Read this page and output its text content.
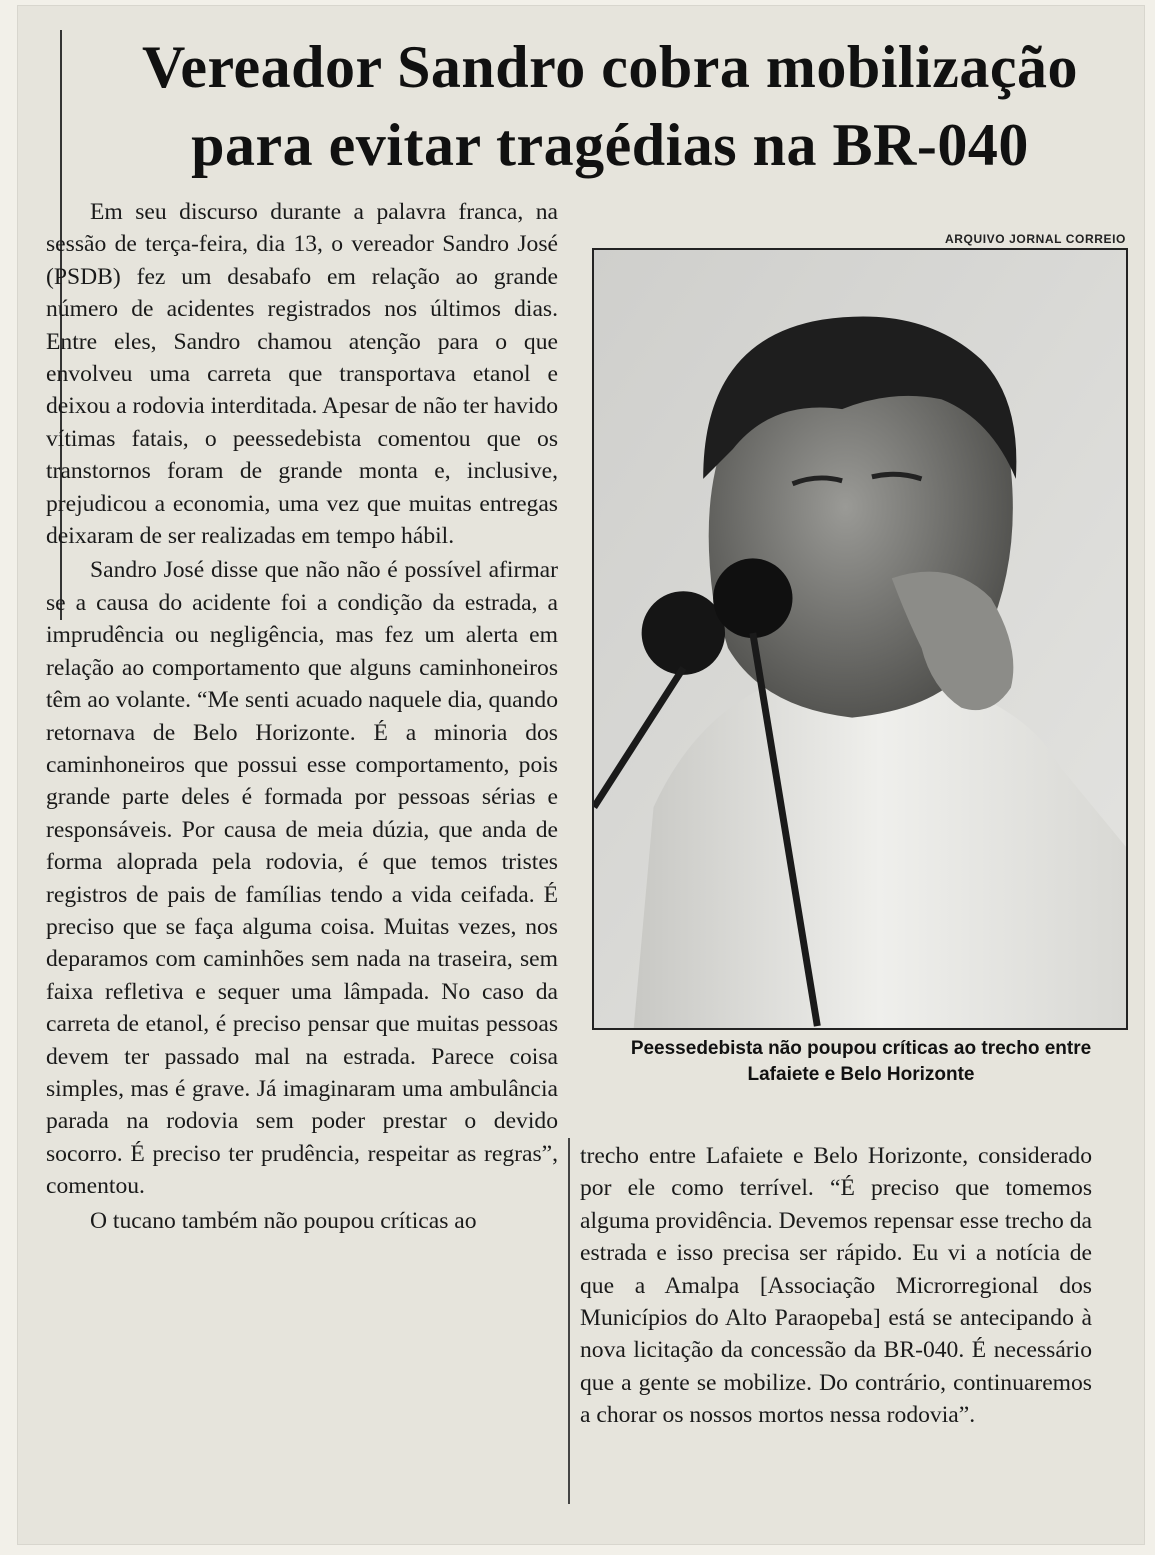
Vereador Sandro cobra mobilização
para evitar tragédias na BR-040

Em seu discurso durante a palavra franca, na sessão de terça-feira, dia 13, o vereador Sandro José (PSDB) fez um desabafo em relação ao grande número de acidentes registrados nos últimos dias. Entre eles, Sandro chamou atenção para o que envolveu uma carreta que transportava etanol e deixou a rodovia interditada. Apesar de não ter havido vítimas fatais, o peessedebista comentou que os transtornos foram de grande monta e, inclusive, prejudicou a economia, uma vez que muitas entregas deixaram de ser realizadas em tempo hábil.

Sandro José disse que não não é possível afirmar se a causa do acidente foi a condição da estrada, a imprudência ou negligência, mas fez um alerta em relação ao comportamento que alguns caminhoneiros têm ao volante. “Me senti acuado naquele dia, quando retornava de Belo Horizonte. É a minoria dos caminhoneiros que possui esse comportamento, pois grande parte deles é formada por pessoas sérias e responsáveis. Por causa de meia dúzia, que anda de forma aloprada pela rodovia, é que temos tristes registros de pais de famílias tendo a vida ceifada. É preciso que se faça alguma coisa. Muitas vezes, nos deparamos com caminhões sem nada na traseira, sem faixa refletiva e sequer uma lâmpada. No caso da carreta de etanol, é preciso pensar que muitas pessoas devem ter passado mal na estrada. Parece coisa simples, mas é grave. Já imaginaram uma ambulância parada na rodovia sem poder prestar o devido socorro. É preciso ter prudência, respeitar as regras”, comentou.

O tucano também não poupou críticas ao

ARQUIVO JORNAL CORREIO

Peessedebista não poupou críticas ao trecho entre Lafaiete e Belo Horizonte

trecho entre Lafaiete e Belo Horizonte, considerado por ele como terrível. “É preciso que tomemos alguma providência. Devemos repensar esse trecho da estrada e isso precisa ser rápido. Eu vi a notícia de que a Amalpa [Associação Microrregional dos Municípios do Alto Paraopeba] está se antecipando à nova licitação da concessão da BR-040. É necessário que a gente se mobilize. Do contrário, continuaremos a chorar os nossos mortos nessa rodovia”.
